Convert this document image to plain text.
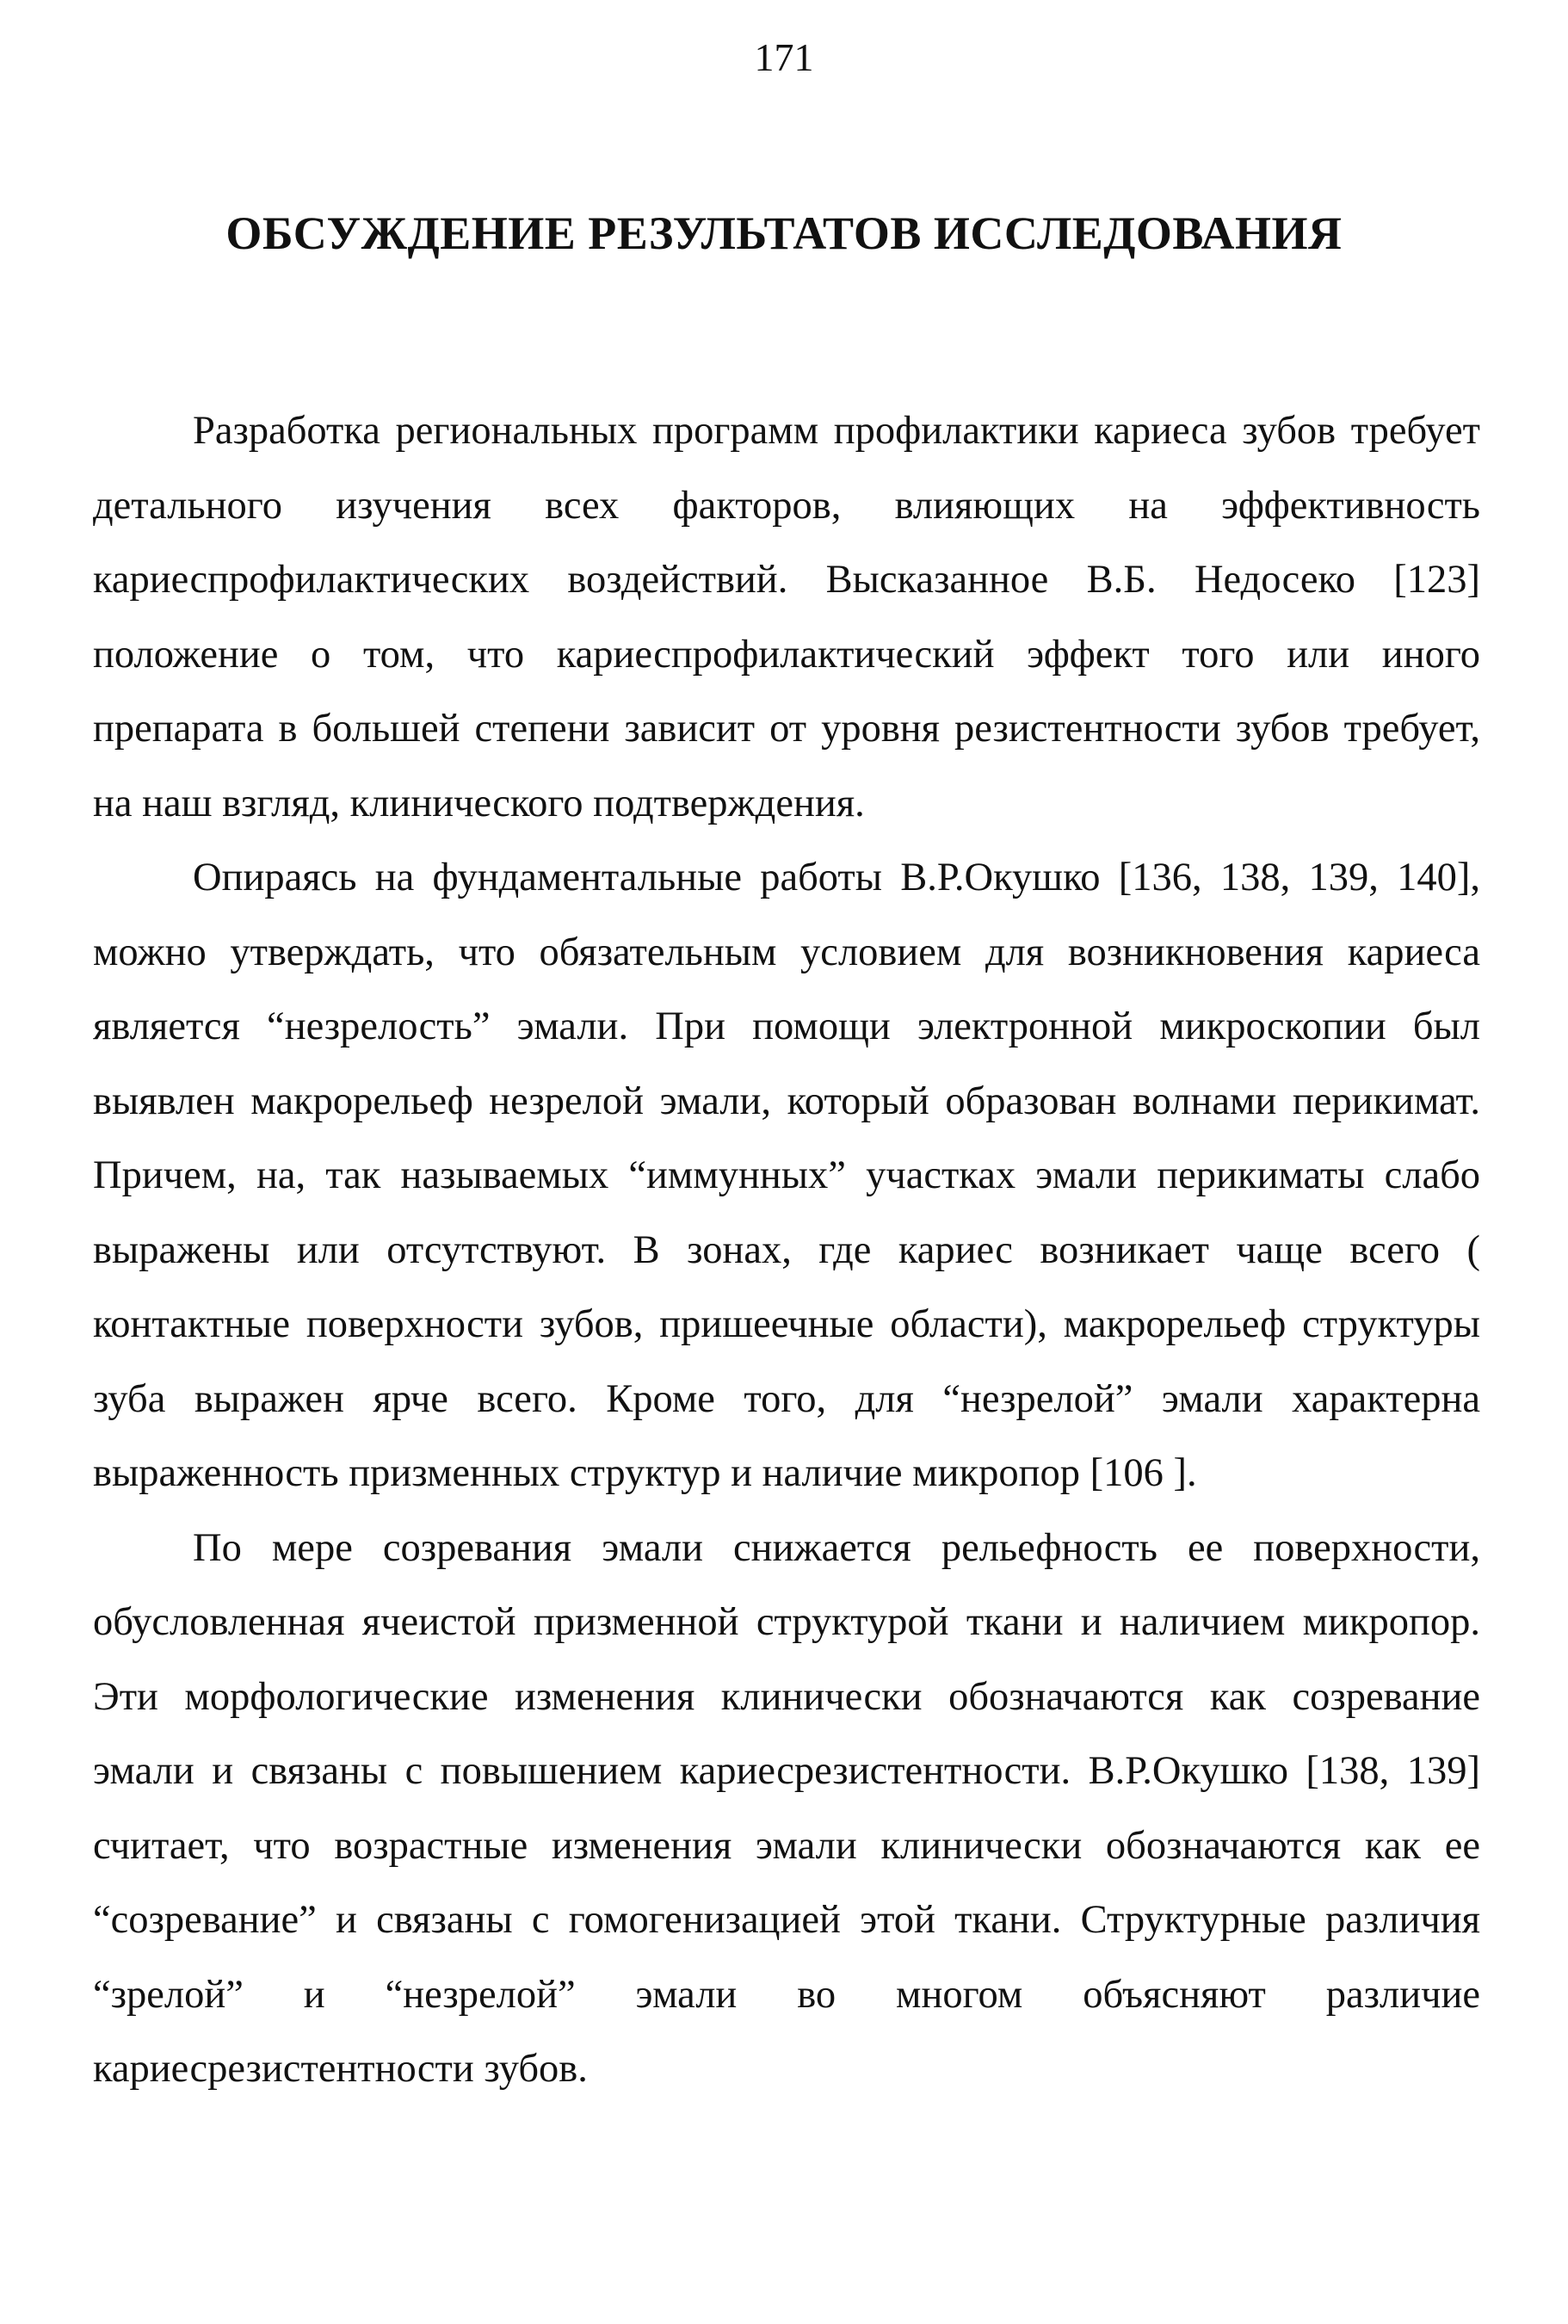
171
ОБСУЖДЕНИЕ РЕЗУЛЬТАТОВ ИССЛЕДОВАНИЯ

Разработка региональных программ профилактики кариеса зубов требует детального изучения всех факторов, влияющих на эффективность кариеспрофилактических воздействий. Высказанное В.Б. Недосеко [123] положение о том, что кариеспрофилактический эффект того или иного препарата в большей степени зависит от уровня резистентности зубов требует, на наш взгляд, клинического подтверждения.

Опираясь на фундаментальные работы В.Р.Окушко [136, 138, 139, 140], можно утверждать, что обязательным условием для возникновения кариеса является “незрелость” эмали. При помощи электронной микроскопии был выявлен макрорельеф незрелой эмали, который образован волнами перикимат. Причем, на, так называемых “иммунных” участках эмали перикиматы слабо выражены или отсутствуют. В зонах, где кариес возникает чаще всего ( контактные поверхности зубов, пришеечные области), макрорельеф структуры зуба выражен ярче всего. Кроме того, для “незрелой” эмали характерна выраженность призменных структур и наличие микропор [106 ].

По мере созревания эмали снижается рельефность ее поверхности, обусловленная ячеистой призменной структурой ткани и наличием микропор. Эти морфологические изменения клинически обозначаются как созревание эмали и связаны с повышением кариесрезистентности. В.Р.Окушко [138, 139] считает, что возрастные изменения эмали клинически обозначаются как ее “созревание” и связаны с гомогенизацией этой ткани. Структурные различия “зрелой” и “незрелой” эмали во многом объясняют различие кариесрезистентности зубов.
